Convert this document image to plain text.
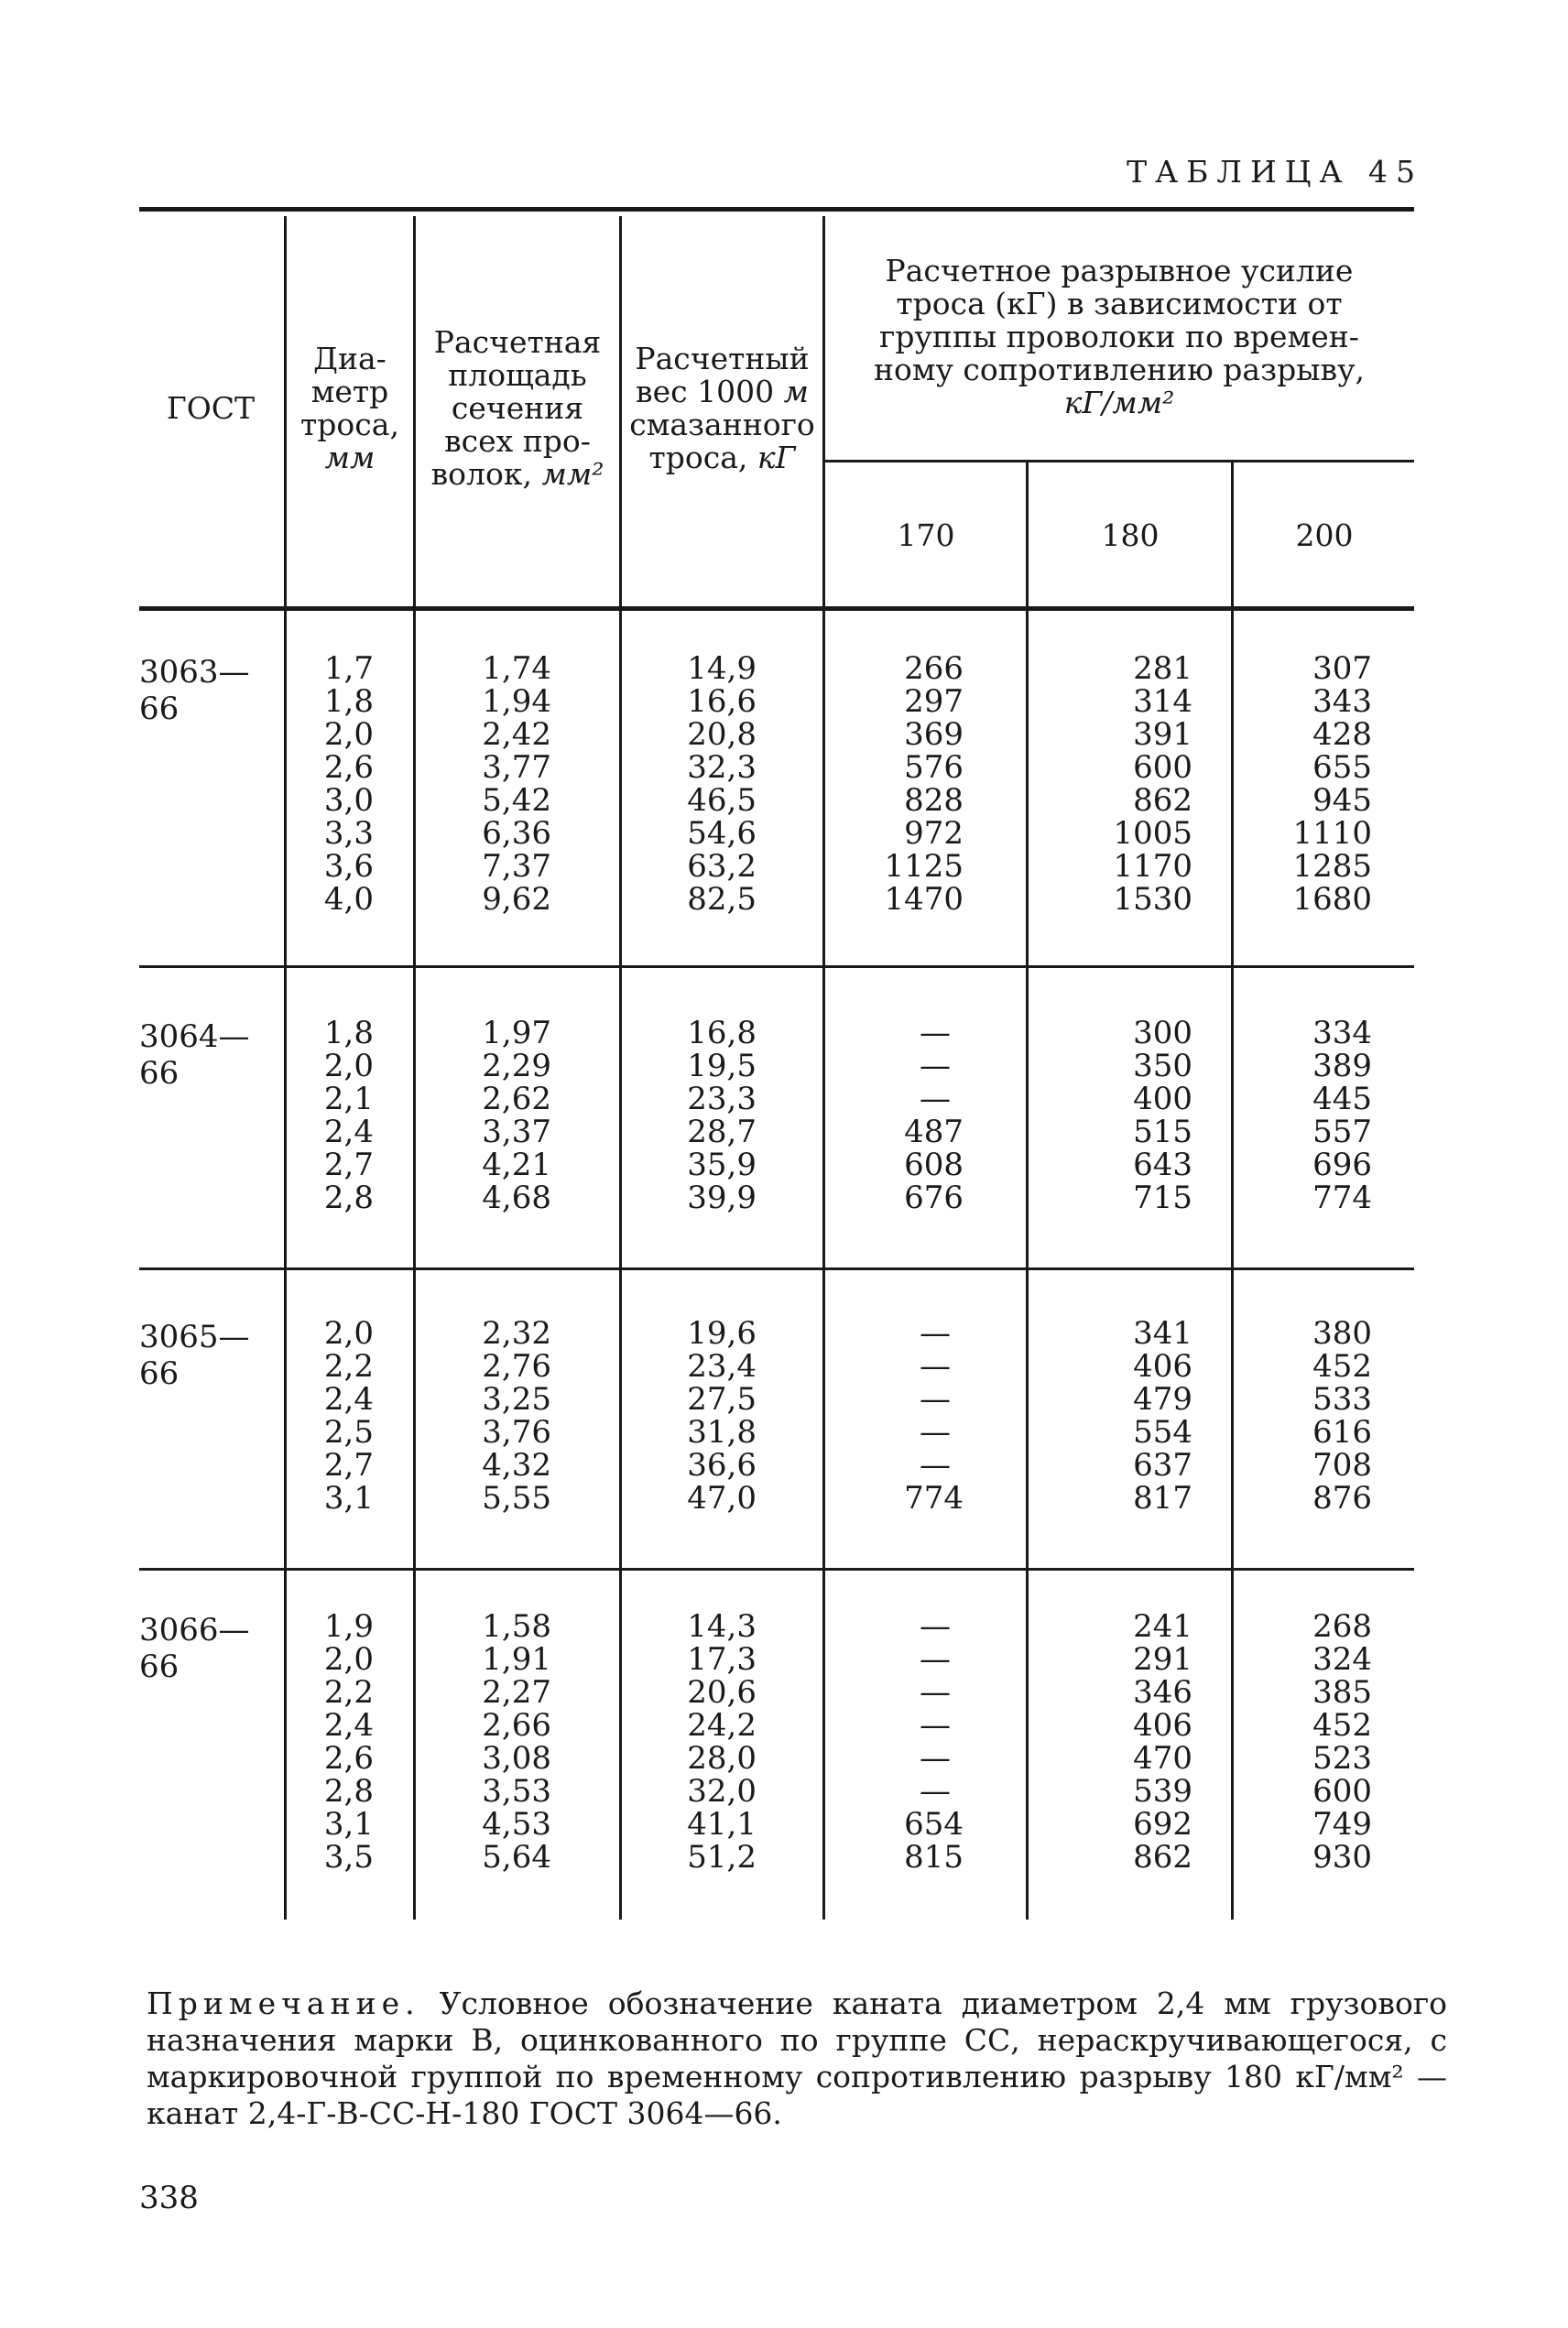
ТАБЛИЦА 45
ГОСТ
Диа-
метр
троса,
мм
Расчетная
площадь
сечения
всех про-
волок, мм²
Расчетный
вес 1000 м
смазанного
троса, кГ
Расчетное разрывное усилие
троса (кГ) в зависимости от
группы проволоки по времен-
ному сопротивлению разрыву,
кГ/мм²
170	180	200
3063—66
1,7
1,8
2,0
2,6
3,0
3,3
3,6
4,0
1,74
1,94
2,42
3,77
5,42
6,36
7,37
9,62
14,9
16,6
20,8
32,3
46,5
54,6
63,2
82,5
266
297
369
576
828
972
1125
1470
281
314
391
600
862
1005
1170
1530
307
343
428
655
945
1110
1285
1680
3064—66
1,8
2,0
2,1
2,4
2,7
2,8
1,97
2,29
2,62
3,37
4,21
4,68
16,8
19,5
23,3
28,7
35,9
39,9
—
—
—
487
608
676
300
350
400
515
643
715
334
389
445
557
696
774
3065—66
2,0
2,2
2,4
2,5
2,7
3,1
2,32
2,76
3,25
3,76
4,32
5,55
19,6
23,4
27,5
31,8
36,6
47,0
—
—
—
—
—
774
341
406
479
554
637
817
380
452
533
616
708
876
3066—66
1,9
2,0
2,2
2,4
2,6
2,8
3,1
3,5
1,58
1,91
2,27
2,66
3,08
3,53
4,53
5,64
14,3
17,3
20,6
24,2
28,0
32,0
41,1
51,2
—
—
—
—
—
—
654
815
241
291
346
406
470
539
692
862
268
324
385
452
523
600
749
930
Примечание. Условное обозначение каната диаметром 2,4 мм грузового назначения марки В, оцинкованного по группе СС, нераскручивающегося, с маркировочной группой по временному сопротивлению разрыву 180 кГ/мм² — канат 2,4-Г-В-СС-Н-180 ГОСТ 3064—66.
338
